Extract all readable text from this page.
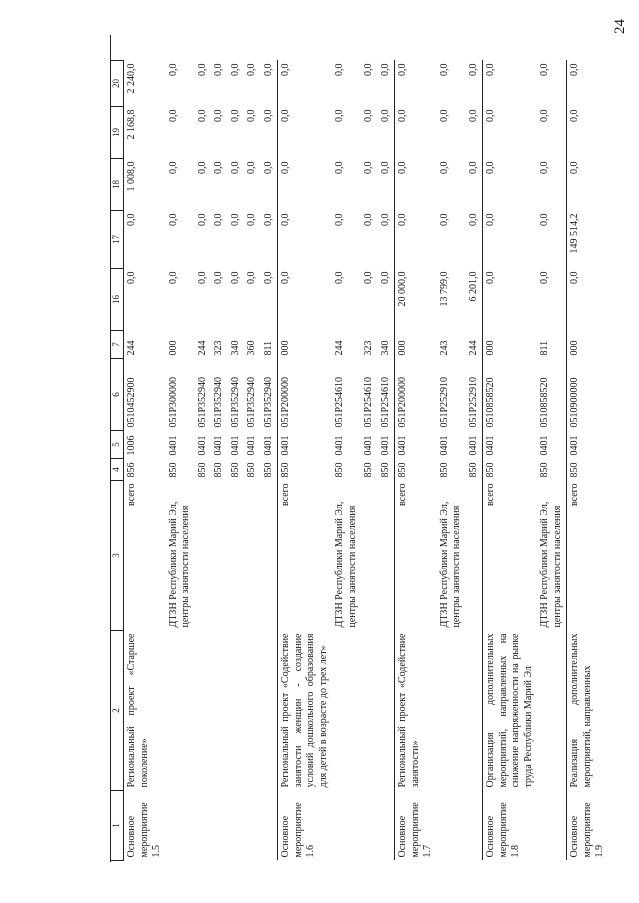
24
1	2	3	4	5	6	7	16	17	18	19	20
Основное мероприятие 1.5	Региональный проект «Старшее поколение»	всего	856	1006	0510452900	244	0,0	0,0	1 008,0	2 168,8	2 240,0
		ДТЗН Республики Марий Эл, центры занятости населения	850	0401	051P300000	000	0,0	0,0	0,0	0,0	0,0
			850	0401	051P352940	244	0,0	0,0	0,0	0,0	0,0
			850	0401	051P352940	323	0,0	0,0	0,0	0,0	0,0
			850	0401	051P352940	340	0,0	0,0	0,0	0,0	0,0
			850	0401	051P352940	360	0,0	0,0	0,0	0,0	0,0
			850	0401	051P352940	811	0,0	0,0	0,0	0,0	0,0
Основное мероприятие 1.6	Региональный проект «Содействие занятости женщин - создание условий дошкольного образования для детей в возрасте до трех лет»	всего	850	0401	051P200000	000	0,0	0,0	0,0	0,0	0,0
		ДТЗН Республики Марий Эл, центры занятости населения	850	0401	051P254610	244	0,0	0,0	0,0	0,0	0,0
			850	0401	051P254610	323	0,0	0,0	0,0	0,0	0,0
			850	0401	051P254610	340	0,0	0,0	0,0	0,0	0,0
Основное мероприятие 1.7	Региональный проект «Содействие занятости»	всего	850	0401	051P200000	000	20 000,0	0,0	0,0	0,0	0,0
		ДТЗН Республики Марий Эл, центры занятости населения	850	0401	051P252910	243	13 799,0	0,0	0,0	0,0	0,0
			850	0401	051P252910	244	6 201,0	0,0	0,0	0,0	0,0
Основное мероприятие 1.8	Организация дополнительных мероприятий, направленных на снижение напряженности на рынке труда Республики Марий Эл	всего	850	0401	0510858520	000	0,0	0,0	0,0	0,0	0,0
		ДТЗН Республики Марий Эл, центры занятости населения	850	0401	0510858520	811	0,0	0,0	0,0	0,0	0,0
Основное мероприятие 1.9	Реализация дополнительных мероприятий, направленных	всего	850	0401	0510900000	000	0,0	149 514,2	0,0	0,0	0,0
